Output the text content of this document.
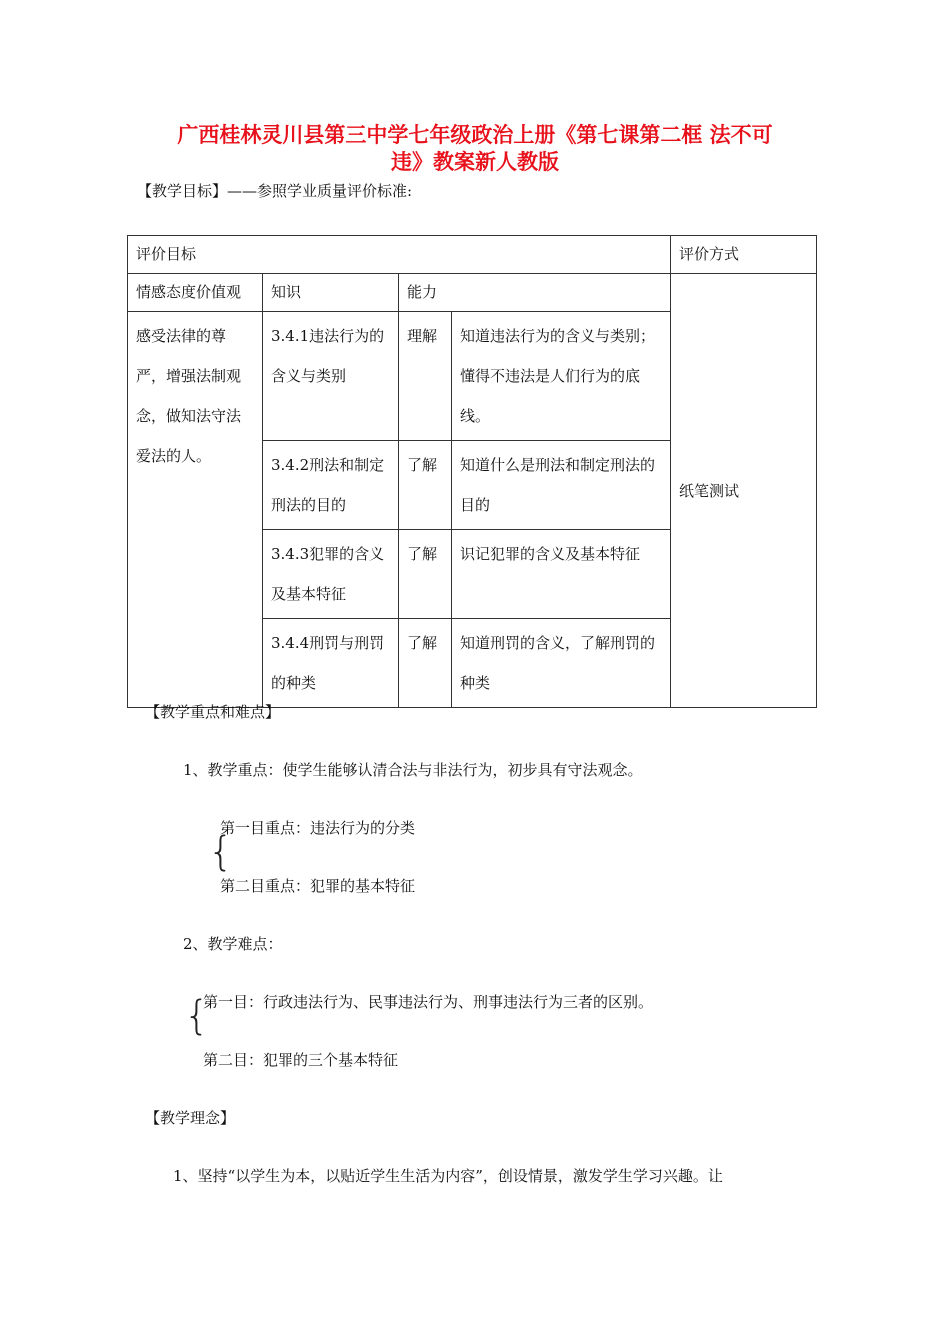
广西桂林灵川县第三中学七年级政治上册《第七课第二框 法不可
违》教案新人教版
【教学目标】——参照学业质量评价标准:
评价目标				评价方式
情感态度价值观	知识	能力		纸笔测试
感受法律的尊严，增强法制观念，做知法守法爱法的人。	3.4.1违法行为的含义与类别	理解	知道违法行为的含义与类别；懂得不违法是人们行为的底线。	
	3.4.2刑法和制定刑法的目的	了解	知道什么是刑法和制定刑法的目的	
	3.4.3犯罪的含义及基本特征	了解	识记犯罪的含义及基本特征	
	3.4.4刑罚与刑罚的种类	了解	知道刑罚的含义，了解刑罚的种类	
【教学重点和难点】
1、教学重点：使学生能够认清合法与非法行为，初步具有守法观念。
第一目重点：违法行为的分类
{
第二目重点：犯罪的基本特征
2、教学难点：
{
第一目：行政违法行为、民事违法行为、刑事违法行为三者的区别。
第二目：犯罪的三个基本特征
【教学理念】
1、坚持“以学生为本，以贴近学生生活为内容”，创设情景，激发学生学习兴趣。让
